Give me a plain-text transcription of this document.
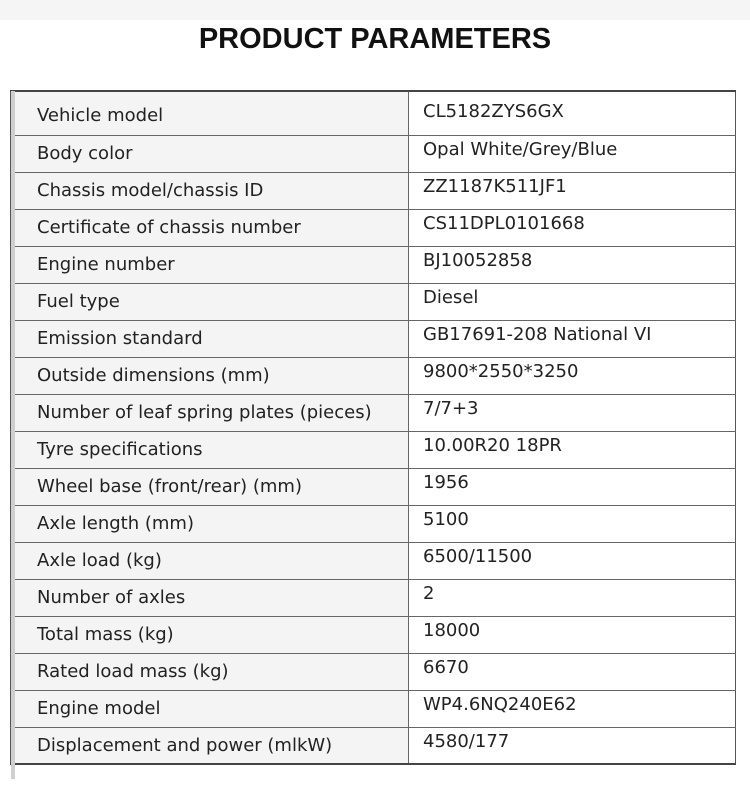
PRODUCT PARAMETERS
Vehicle model	CL5182ZYS6GX
Body color	Opal White/Grey/Blue
Chassis model/chassis ID	ZZ1187K511JF1
Certificate of chassis number	CS11DPL0101668
Engine number	BJ10052858
Fuel type	Diesel
Emission standard	GB17691-208 National VI
Outside dimensions (mm)	9800*2550*3250
Number of leaf spring plates (pieces)	7/7+3
Tyre specifications	10.00R20 18PR
Wheel base (front/rear) (mm)	1956
Axle length (mm)	5100
Axle load (kg)	6500/11500
Number of axles	2
Total mass (kg)	18000
Rated load mass (kg)	6670
Engine model	WP4.6NQ240E62
Displacement and power (mlkW)	4580/177
